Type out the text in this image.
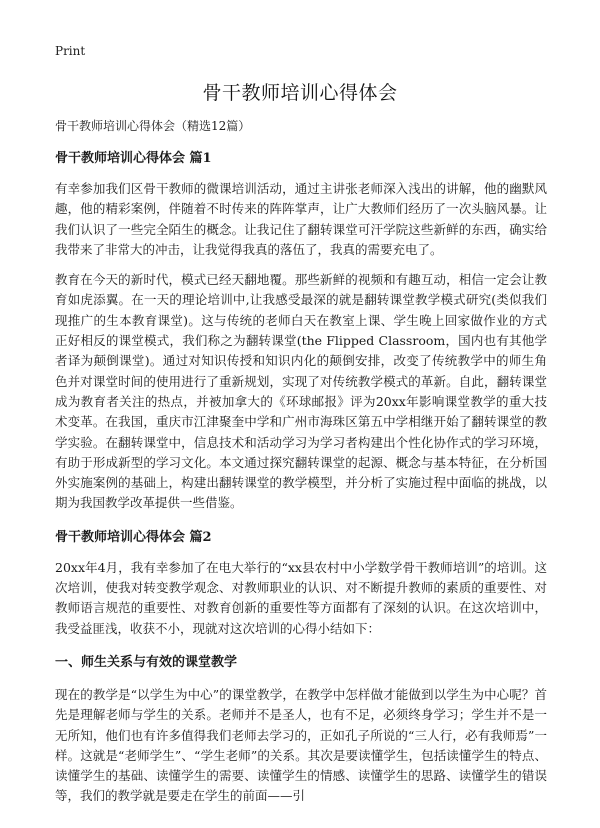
Print
骨干教师培训心得体会
骨干教师培训心得体会（精选12篇）
骨干教师培训心得体会 篇1

有幸参加我们区骨干教师的微课培训活动，通过主讲张老师深入浅出的讲解，他的幽默风趣，他的精彩案例，伴随着不时传来的阵阵掌声，让广大教师们经历了一次头脑风暴。让我们认识了一些完全陌生的概念。让我记住了翻转课堂可汗学院这些新鲜的东西，确实给我带来了非常大的冲击，让我觉得我真的落伍了，我真的需要充电了。

教育在今天的新时代，模式已经天翻地覆。那些新鲜的视频和有趣互动，相信一定会让教育如虎添翼。在一天的理论培训中,让我感受最深的就是翻转课堂教学模式研究(类似我们现推广的生本教育课堂)。这与传统的老师白天在教室上课、学生晚上回家做作业的方式正好相反的课堂模式，我们称之为翻转课堂(the Flipped Classroom，国内也有其他学者译为颠倒课堂)。通过对知识传授和知识内化的颠倒安排，改变了传统教学中的师生角色并对课堂时间的使用进行了重新规划，实现了对传统教学模式的革新。自此，翻转课堂成为教育者关注的热点，并被加拿大的《环球邮报》评为20xx年影响课堂教学的重大技术变革。在我国，重庆市江津聚奎中学和广州市海珠区第五中学相继开始了翻转课堂的教学实验。在翻转课堂中，信息技术和活动学习为学习者构建出个性化协作式的学习环境，有助于形成新型的学习文化。本文通过探究翻转课堂的起源、概念与基本特征，在分析国外实施案例的基础上，构建出翻转课堂的教学模型，并分析了实施过程中面临的挑战，以期为我国教学改革提供一些借鉴。

骨干教师培训心得体会 篇2

20xx年4月，我有幸参加了在电大举行的“xx县农村中小学数学骨干教师培训”的培训。这次培训，使我对转变教学观念、对教师职业的认识、对不断提升教师的素质的重要性、对教师语言规范的重要性、对教育创新的重要性等方面都有了深刻的认识。在这次培训中，我受益匪浅，收获不小，现就对这次培训的心得小结如下：

一、师生关系与有效的课堂教学

现在的教学是“以学生为中心”的课堂教学，在教学中怎样做才能做到以学生为中心呢？首先是理解老师与学生的关系。老师并不是圣人，也有不足，必须终身学习；学生并不是一无所知，他们也有许多值得我们老师去学习的，正如孔子所说的“三人行，必有我师焉”一样。这就是“老师学生”、“学生老师”的关系。其次是要读懂学生，包括读懂学生的特点、读懂学生的基础、读懂学生的需要、读懂学生的情感、读懂学生的思路、读懂学生的错误等，我们的教学就是要走在学生的前面——引
